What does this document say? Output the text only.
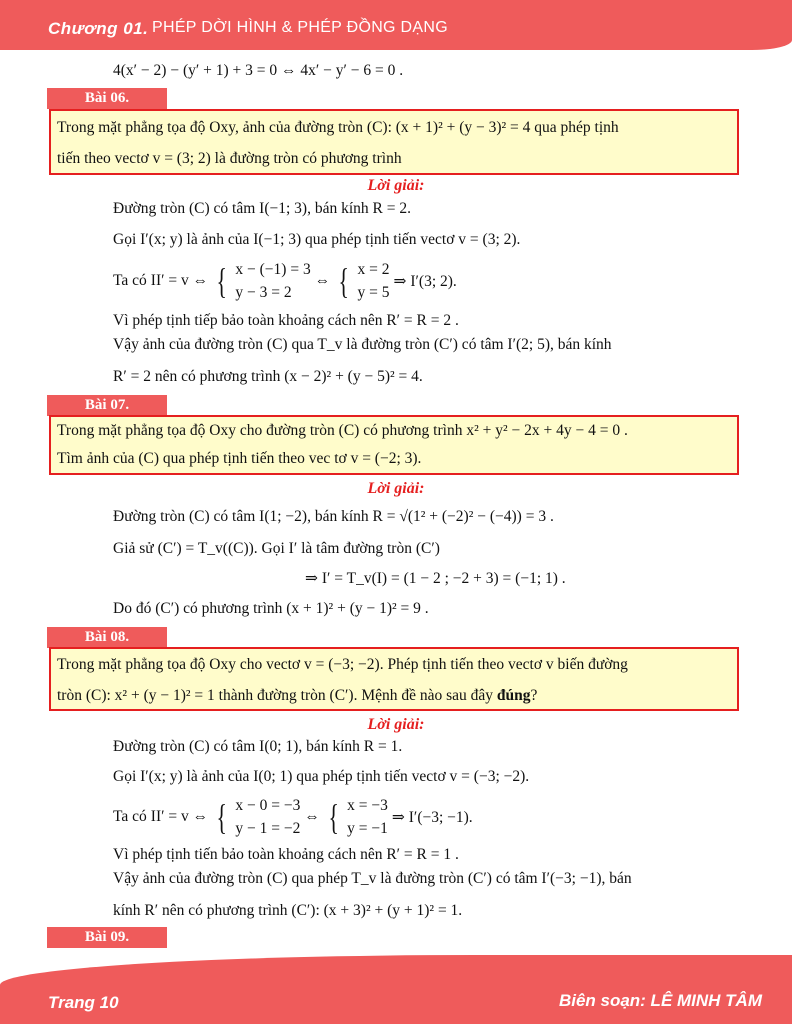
Chương 01. PHÉP DỜI HÌNH & PHÉP ĐỒNG DẠNG
4(x′ − 2) − (y′ + 1) + 3 = 0 ⇔ 4x′ − y′ − 6 = 0 .
Bài 06.
Trong mặt phẳng tọa độ Oxy, ảnh của đường tròn (C): (x + 1)² + (y − 3)² = 4 qua phép tịnh
tiến theo vectơ v = (3; 2) là đường tròn có phương trình
Lời giải:
Đường tròn (C) có tâm I(−1; 3), bán kính R = 2.
Gọi I′(x; y) là ảnh của I(−1; 3) qua phép tịnh tiến vectơ v = (3; 2).
Ta có II′ = v ⇔ { x − (−1) = 3
y − 3 = 2
⇔ { x = 2
y = 5
⇒ I′(3; 2).
Vì phép tịnh tiếp bảo toàn khoảng cách nên R′ = R = 2 .
Vậy ảnh của đường tròn (C) qua T_v là đường tròn (C′) có tâm I′(2; 5), bán kính
R′ = 2 nên có phương trình (x − 2)² + (y − 5)² = 4.
Bài 07.
Trong mặt phẳng tọa độ Oxy cho đường tròn (C) có phương trình x² + y² − 2x + 4y − 4 = 0 .
Tìm ảnh của (C) qua phép tịnh tiến theo vec tơ v = (−2; 3).
Lời giải:
Đường tròn (C) có tâm I(1; −2), bán kính R = √(1² + (−2)² − (−4)) = 3 .
Giả sử (C′) = T_v((C)). Gọi I′ là tâm đường tròn (C′)
⇒ I′ = T_v(I) = (1 − 2 ; −2 + 3) = (−1; 1) .
Do đó (C′) có phương trình (x + 1)² + (y − 1)² = 9 .
Bài 08.
Trong mặt phẳng tọa độ Oxy cho vectơ v = (−3; −2). Phép tịnh tiến theo vectơ v biến đường
tròn (C): x² + (y − 1)² = 1 thành đường tròn (C′). Mệnh đề nào sau đây đúng?
Lời giải:
Đường tròn (C) có tâm I(0; 1), bán kính R = 1.
Gọi I′(x; y) là ảnh của I(0; 1) qua phép tịnh tiến vectơ v = (−3; −2).
Ta có II′ = v ⇔ { x − 0 = −3
y − 1 = −2
⇔ { x = −3
y = −1
⇒ I′(−3; −1).
Vì phép tịnh tiến bảo toàn khoảng cách nên R′ = R = 1 .
Vậy ảnh của đường tròn (C) qua phép T_v là đường tròn (C′) có tâm I′(−3; −1), bán
kính R′ nên có phương trình (C′): (x + 3)² + (y + 1)² = 1.
Bài 09.
Trang 10	Biên soạn: LÊ MINH TÂM
